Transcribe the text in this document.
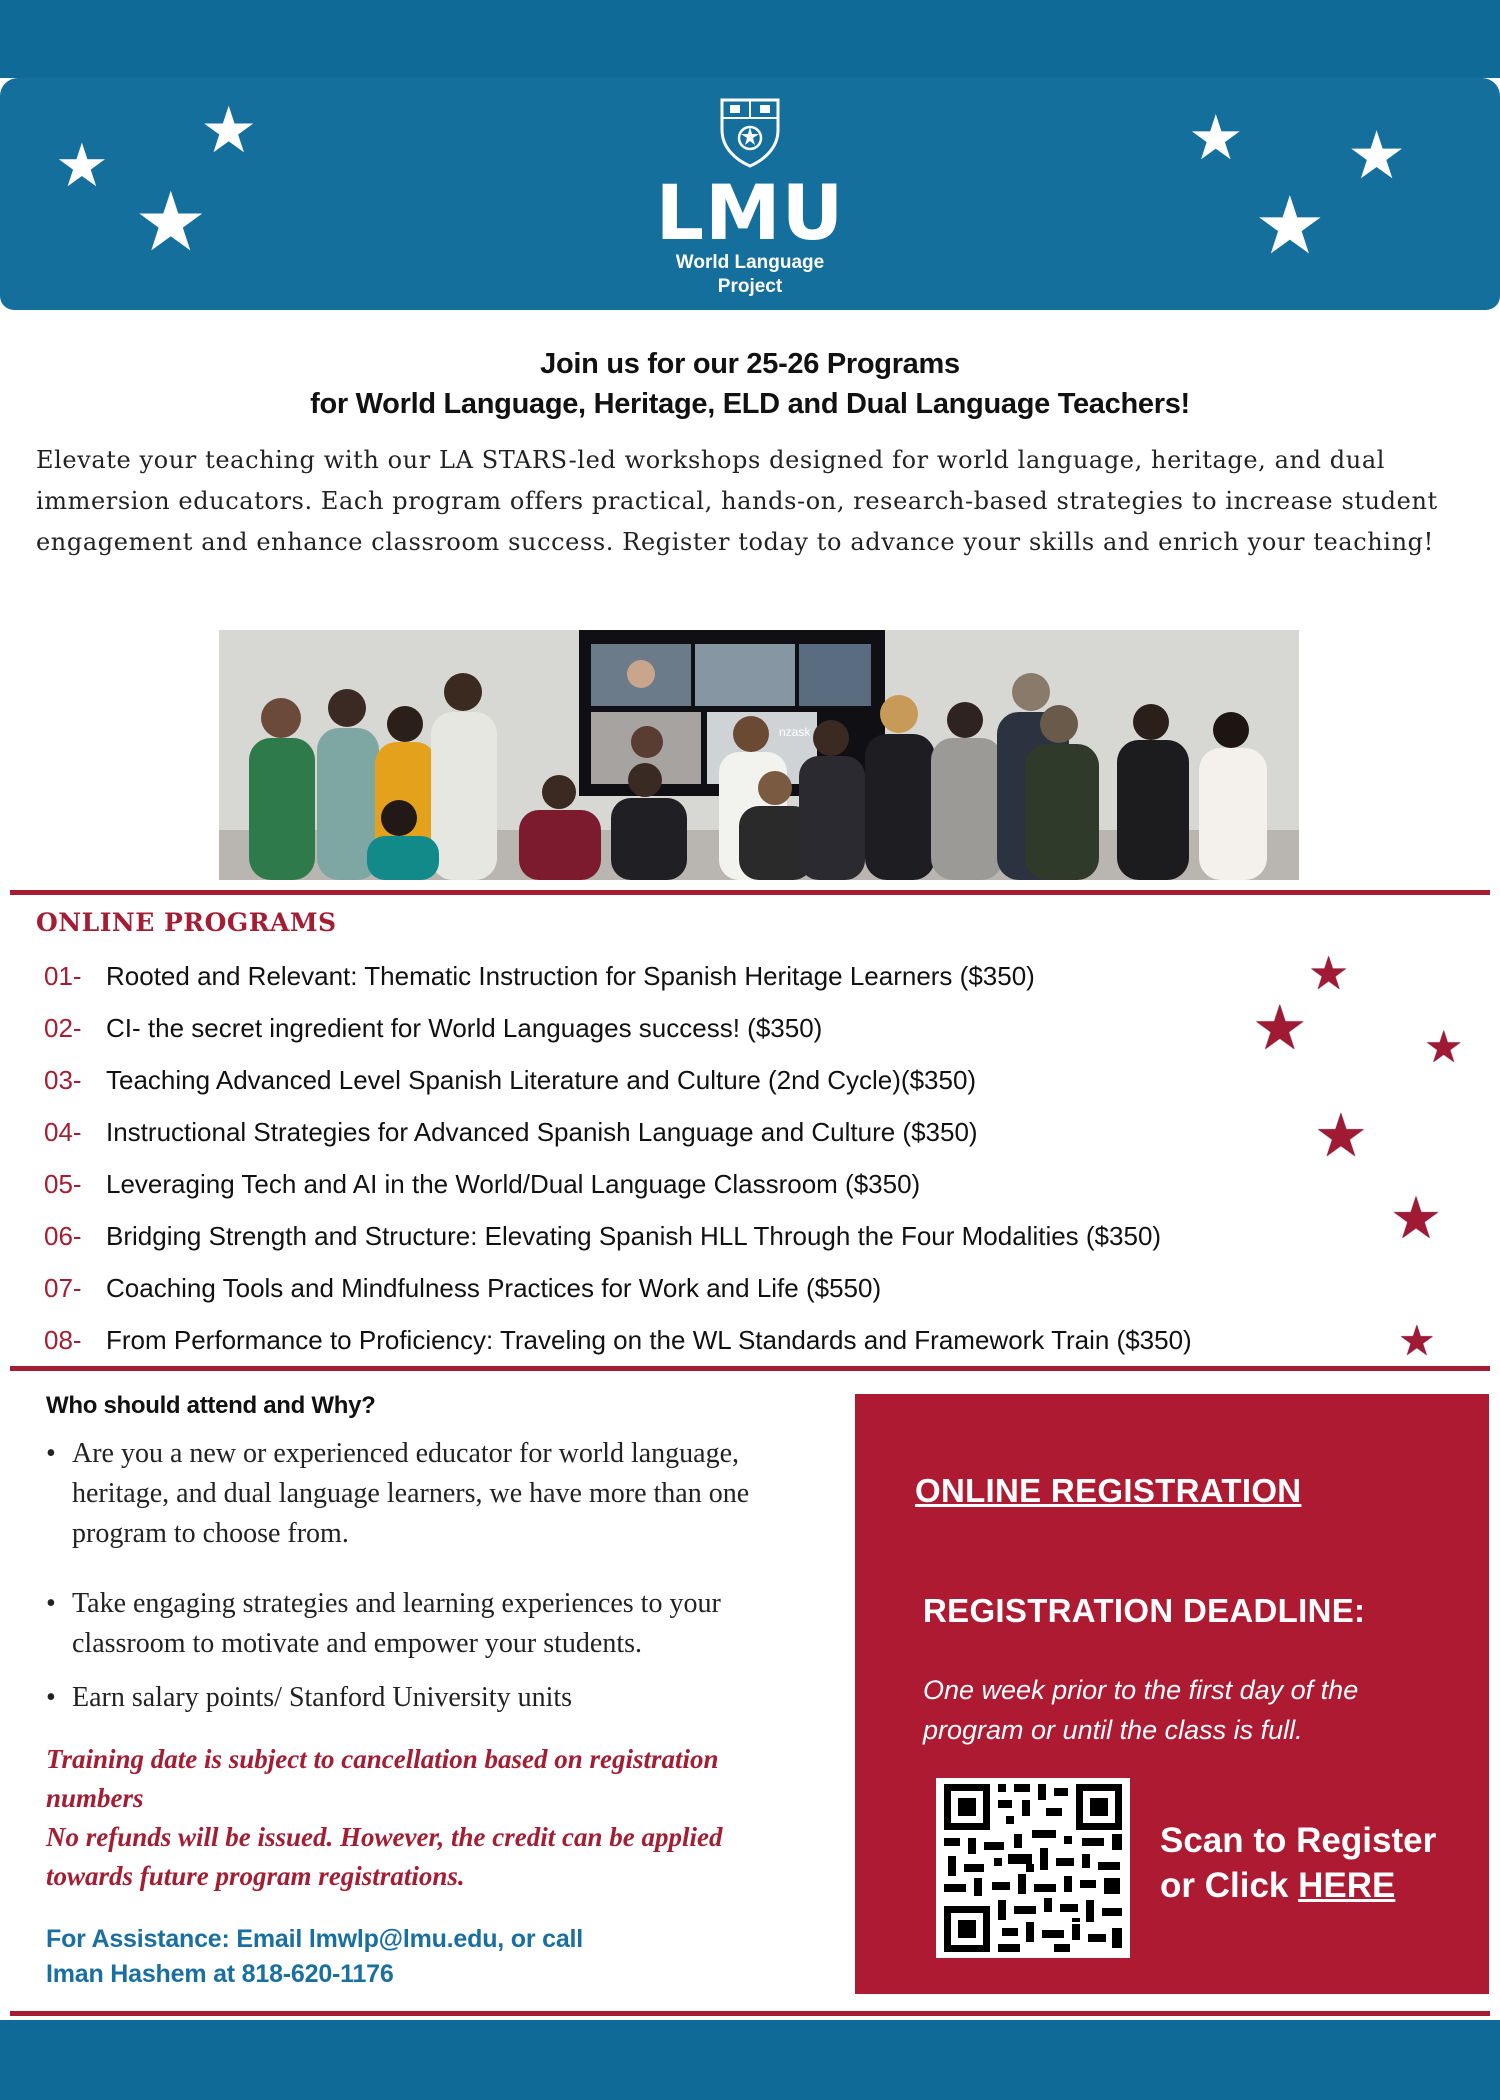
★ ★
★
★ ★
★
LMU
World Language
Project
Join us for our 25-26 Programs
for World Language, Heritage, ELD and Dual Language Teachers!
Elevate your teaching with our LA STARS-led workshops designed for world language, heritage, and dual immersion educators. Each program offers practical, hands-on, research-based strategies to increase student engagement and enhance classroom success. Register today to advance your skills and enrich your teaching!
nzask
ONLINE PROGRAMS
01- Rooted and Relevant: Thematic Instruction for Spanish Heritage Learners ($350)
02- CI- the secret ingredient for World Languages success! ($350)
03- Teaching Advanced Level Spanish Literature and Culture (2nd Cycle)($350)
04- Instructional Strategies for Advanced Spanish Language and Culture ($350)
05- Leveraging Tech and AI in the World/Dual Language Classroom ($350)
06- Bridging Strength and Structure: Elevating Spanish HLL Through the Four Modalities ($350)
07- Coaching Tools and Mindfulness Practices for Work and Life ($550)
08- From Performance to Proficiency: Traveling on the WL Standards and Framework Train ($350)
★
★	★
★
★
★
Who should attend and Why?
• Are you a new or experienced educator for world language, heritage, and dual language learners, we have more than one program to choose from.
• Take engaging strategies and learning experiences to your classroom to motivate and empower your students.
• Earn salary points/ Stanford University units
Training date is subject to cancellation based on registration numbers
No refunds will be issued. However, the credit can be applied towards future program registrations.
For Assistance: Email lmwlp@lmu.edu, or call
Iman Hashem at 818-620-1176
ONLINE REGISTRATION
REGISTRATION DEADLINE:
One week prior to the first day of the program or until the class is full.
Scan to Register
or Click HERE
